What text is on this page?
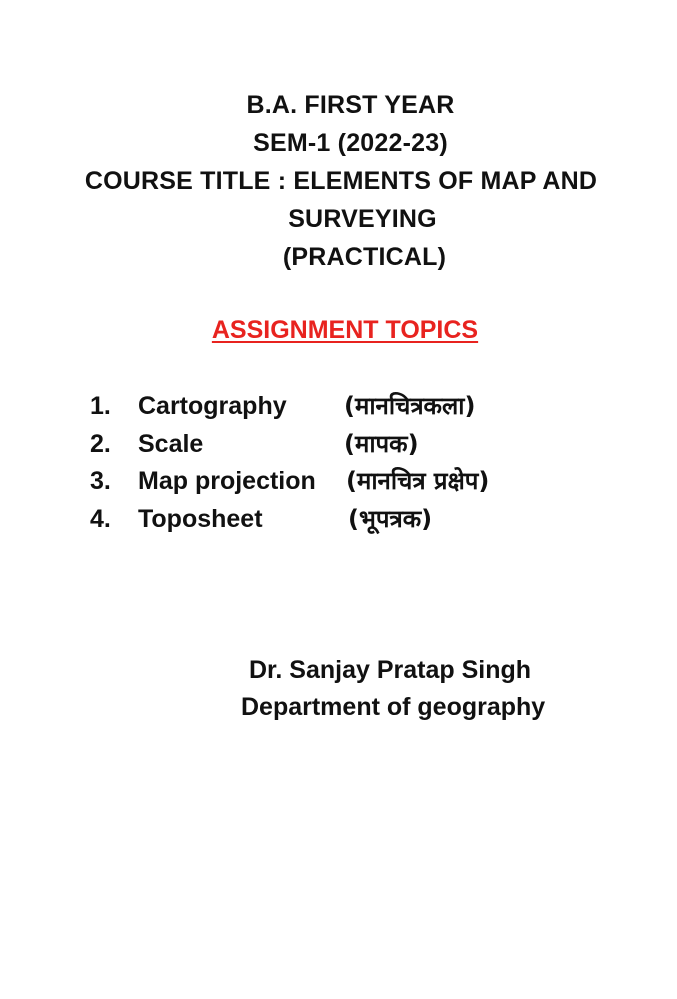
B.A. FIRST YEAR
SEM-1 (2022-23)
COURSE TITLE : ELEMENTS OF MAP AND
SURVEYING
(PRACTICAL)
ASSIGNMENT TOPICS
1.	Cartography (मानचित्रकला)
2.	Scale	(मापक)
3.	Map projection (मानचित्र प्रक्षेप)
4.	Toposheet	(भूपत्रक)
Dr. Sanjay Pratap Singh
Department of geography
